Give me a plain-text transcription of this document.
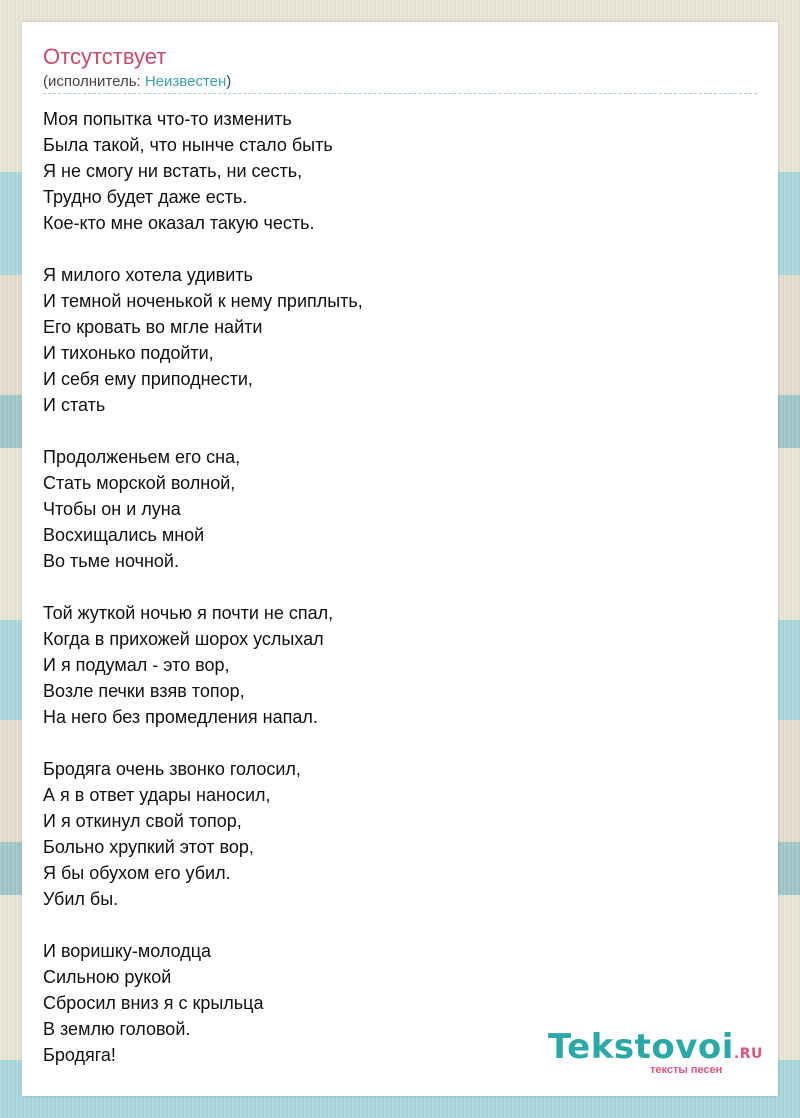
Отсутствует
(исполнитель: Неизвестен)
Моя попытка что-то изменить
Была такой, что нынче стало быть
Я не смогу ни встать, ни сесть,
Трудно будет даже есть.
Кое-кто мне оказал такую честь.
Я милого хотела удивить
И темной ноченькой к нему приплыть,
Его кровать во мгле найти
И тихонько подойти,
И себя ему приподнести,
И стать
Продолженьем его сна,
Стать морской волной,
Чтобы он и луна
Восхищались мной
Во тьме ночной.
Той жуткой ночью я почти не спал,
Когда в прихожей шорох услыхал
И я подумал - это вор,
Возле печки взяв топор,
На него без промедления напал.
Бродяга очень звонко голосил,
А я в ответ удары наносил,
И я откинул свой топор,
Больно хрупкий этот вор,
Я бы обухом его убил.
Убил бы.
И воришку-молодца
Сильною рукой
Сбросил вниз я с крыльца
В землю головой.
Бродяга!	Tekstovoi.RU
тексты песен
